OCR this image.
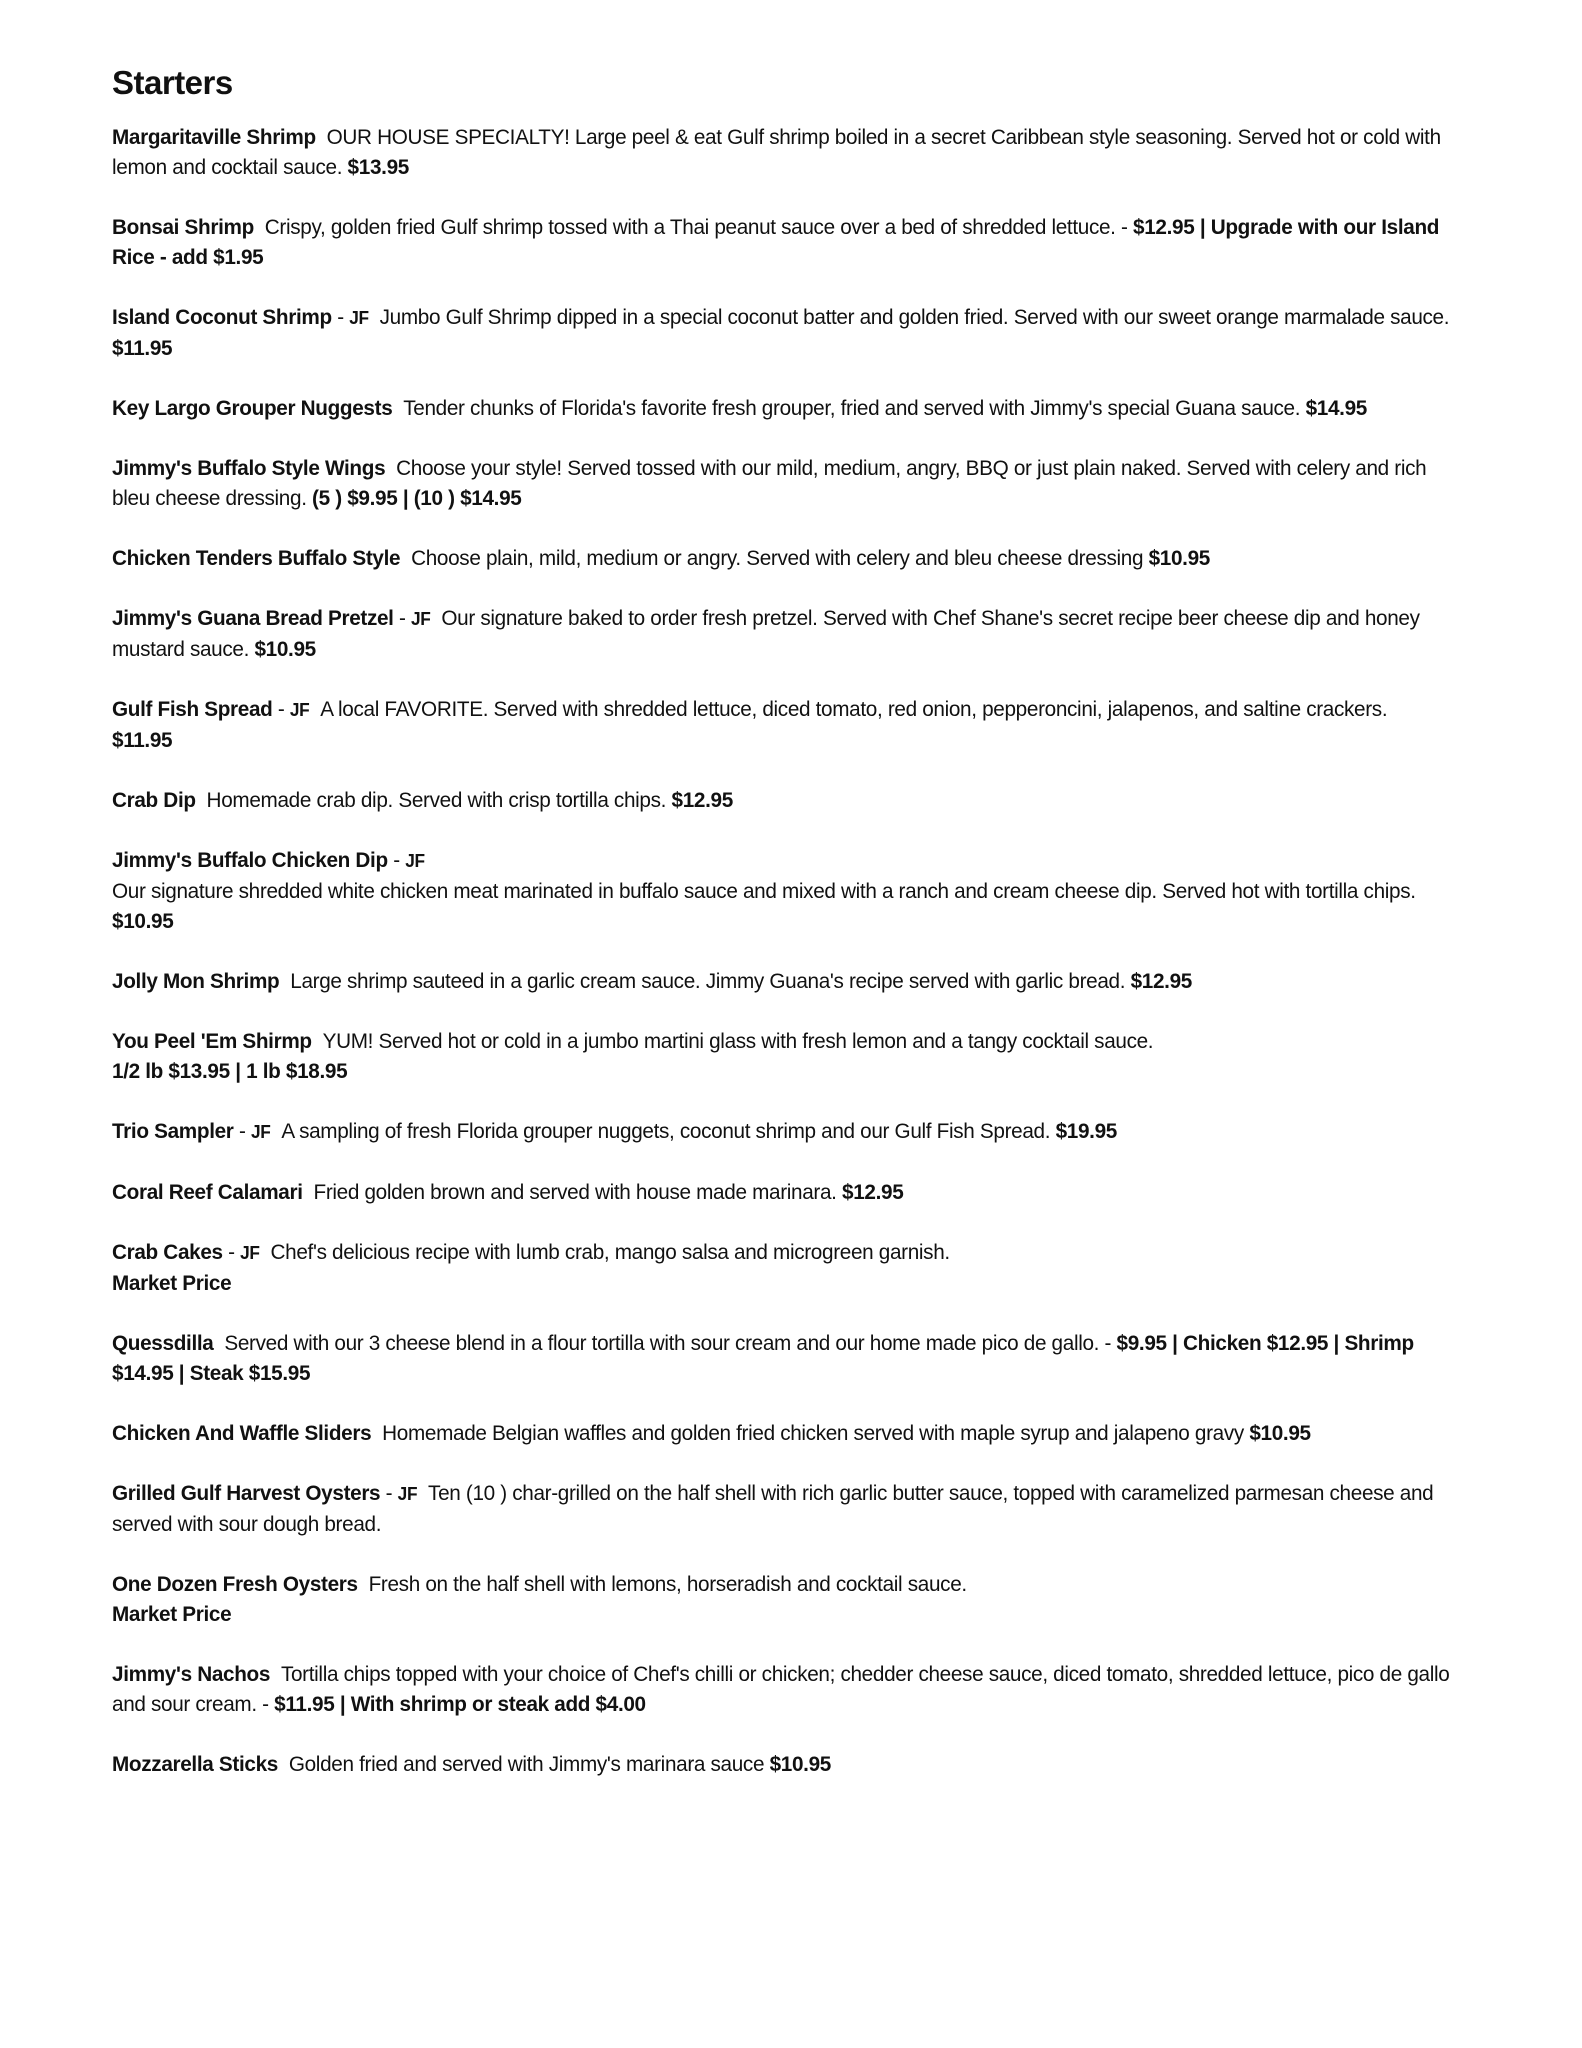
Starters
Margaritaville Shrimp OUR HOUSE SPECIALTY! Large peel & eat Gulf shrimp boiled in a secret Caribbean style seasoning. Served hot or cold with lemon and cocktail sauce. $13.95
Bonsai Shrimp Crispy, golden fried Gulf shrimp tossed with a Thai peanut sauce over a bed of shredded lettuce. - $12.95 | Upgrade with our Island Rice - add $1.95
Island Coconut Shrimp - JF Jumbo Gulf Shrimp dipped in a special coconut batter and golden fried. Served with our sweet orange marmalade sauce. $11.95
Key Largo Grouper Nuggests Tender chunks of Florida's favorite fresh grouper, fried and served with Jimmy's special Guana sauce. $14.95
Jimmy's Buffalo Style Wings Choose your style! Served tossed with our mild, medium, angry, BBQ or just plain naked. Served with celery and rich bleu cheese dressing. (5 ) $9.95 | (10 ) $14.95
Chicken Tenders Buffalo Style Choose plain, mild, medium or angry. Served with celery and bleu cheese dressing $10.95
Jimmy's Guana Bread Pretzel - JF Our signature baked to order fresh pretzel. Served with Chef Shane's secret recipe beer cheese dip and honey mustard sauce. $10.95
Gulf Fish Spread - JF A local FAVORITE. Served with shredded lettuce, diced tomato, red onion, pepperoncini, jalapenos, and saltine crackers. $11.95
Crab Dip Homemade crab dip. Served with crisp tortilla chips. $12.95
Jimmy's Buffalo Chicken Dip - JF
Our signature shredded white chicken meat marinated in buffalo sauce and mixed with a ranch and cream cheese dip. Served hot with tortilla chips.
$10.95
Jolly Mon Shrimp Large shrimp sauteed in a garlic cream sauce. Jimmy Guana's recipe served with garlic bread. $12.95
You Peel 'Em Shirmp YUM! Served hot or cold in a jumbo martini glass with fresh lemon and a tangy cocktail sauce.
1/2 lb $13.95 | 1 lb $18.95
Trio Sampler - JF A sampling of fresh Florida grouper nuggets, coconut shrimp and our Gulf Fish Spread. $19.95
Coral Reef Calamari Fried golden brown and served with house made marinara. $12.95
Crab Cakes - JF Chef's delicious recipe with lumb crab, mango salsa and microgreen garnish.
Market Price
Quessdilla Served with our 3 cheese blend in a flour tortilla with sour cream and our home made pico de gallo. - $9.95 | Chicken $12.95 | Shrimp $14.95 | Steak $15.95
Chicken And Waffle Sliders Homemade Belgian waffles and golden fried chicken served with maple syrup and jalapeno gravy $10.95
Grilled Gulf Harvest Oysters - JF Ten (10 ) char-grilled on the half shell with rich garlic butter sauce, topped with caramelized parmesan cheese and served with sour dough bread.
One Dozen Fresh Oysters Fresh on the half shell with lemons, horseradish and cocktail sauce.
Market Price
Jimmy's Nachos Tortilla chips topped with your choice of Chef's chilli or chicken; chedder cheese sauce, diced tomato, shredded lettuce, pico de gallo and sour cream. - $11.95 | With shrimp or steak add $4.00
Mozzarella Sticks Golden fried and served with Jimmy's marinara sauce $10.95
